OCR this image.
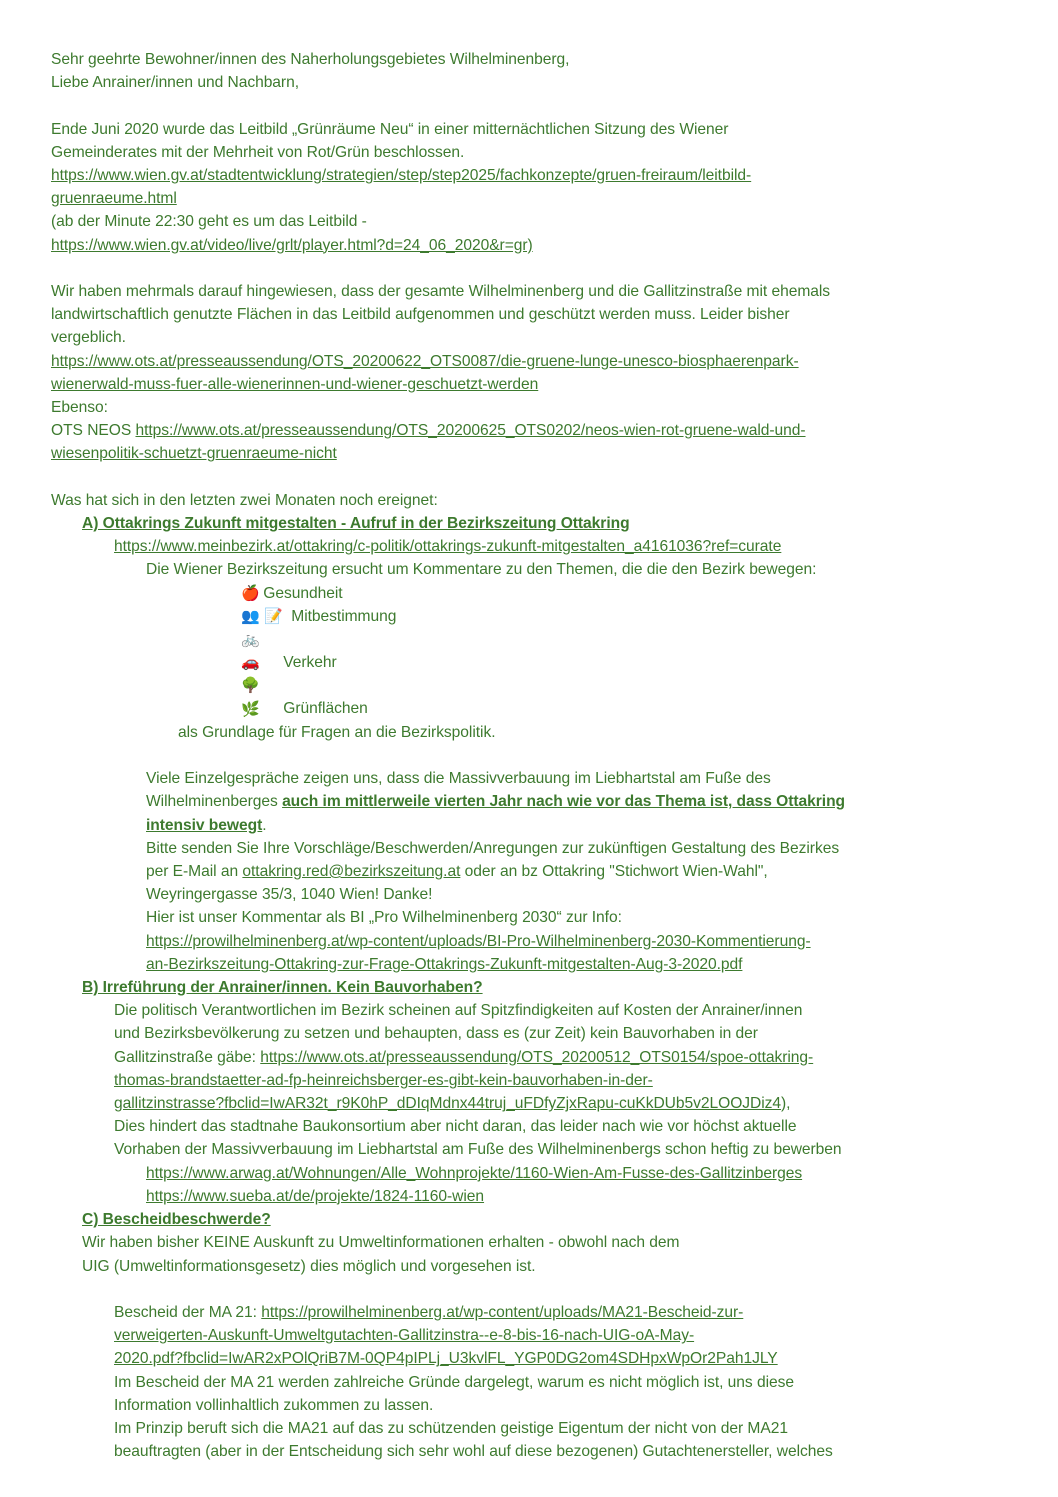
Sehr geehrte Bewohner/innen des Naherholungsgebietes Wilhelminenberg,

Liebe Anrainer/innen und Nachbarn,

Ende Juni 2020 wurde das Leitbild „Grünräume Neu“ in einer mitternächtlichen Sitzung des Wiener

Gemeinderates mit der Mehrheit von Rot/Grün beschlossen.

https://www.wien.gv.at/stadtentwicklung/strategien/step/step2025/fachkonzepte/gruen-freiraum/leitbild-

gruenraeume.html

(ab der Minute 22:30 geht es um das Leitbild -

https://www.wien.gv.at/video/live/grlt/player.html?d=24_06_2020&r=gr)

Wir haben mehrmals darauf hingewiesen, dass der gesamte Wilhelminenberg und die Gallitzinstraße mit ehemals

landwirtschaftlich genutzte Flächen in das Leitbild aufgenommen und geschützt werden muss. Leider bisher

vergeblich.

https://www.ots.at/presseaussendung/OTS_20200622_OTS0087/die-gruene-lunge-unesco-biosphaerenpark-

wienerwald-muss-fuer-alle-wienerinnen-und-wiener-geschuetzt-werden

Ebenso:

OTS NEOS https://www.ots.at/presseaussendung/OTS_20200625_OTS0202/neos-wien-rot-gruene-wald-und-

wiesenpolitik-schuetzt-gruenraeume-nicht

Was hat sich in den letzten zwei Monaten noch ereignet:

A) Ottakrings Zukunft mitgestalten - Aufruf in der Bezirkszeitung Ottakring

https://www.meinbezirk.at/ottakring/c-politik/ottakrings-zukunft-mitgestalten_a4161036?ref=curate

Die Wiener Bezirkszeitung ersucht um Kommentare zu den Themen, die die den Bezirk bewegen:

🍎 Gesundheit

👥 📝 Mitbestimmung

🚲 🚗 Verkehr

🌳 🌿 Grünflächen

als Grundlage für Fragen an die Bezirkspolitik.

Viele Einzelgespräche zeigen uns, dass die Massivverbauung im Liebhartstal am Fuße des

Wilhelminenberges auch im mittlerweile vierten Jahr nach wie vor das Thema ist, dass Ottakring

intensiv bewegt.

Bitte senden Sie Ihre Vorschläge/Beschwerden/Anregungen zur zukünftigen Gestaltung des Bezirkes

per E-Mail an ottakring.red@bezirkszeitung.at oder an bz Ottakring "Stichwort Wien-Wahl",

Weyringergasse 35/3, 1040 Wien! Danke!

Hier ist unser Kommentar als BI „Pro Wilhelminenberg 2030“ zur Info:

https://prowilhelminenberg.at/wp-content/uploads/BI-Pro-Wilhelminenberg-2030-Kommentierung-

an-Bezirkszeitung-Ottakring-zur-Frage-Ottakrings-Zukunft-mitgestalten-Aug-3-2020.pdf

B) Irreführung der Anrainer/innen. Kein Bauvorhaben?

Die politisch Verantwortlichen im Bezirk scheinen auf Spitzfindigkeiten auf Kosten der Anrainer/innen

und Bezirksbevölkerung zu setzen und behaupten, dass es (zur Zeit) kein Bauvorhaben in der

Gallitzinstraße gäbe: https://www.ots.at/presseaussendung/OTS_20200512_OTS0154/spoe-ottakring-

thomas-brandstaetter-ad-fp-heinreichsberger-es-gibt-kein-bauvorhaben-in-der-

gallitzinstrasse?fbclid=IwAR32t_r9K0hP_dDIqMdnx44truj_uFDfyZjxRapu-cuKkDUb5v2LOOJDiz4),

Dies hindert das stadtnahe Baukonsortium aber nicht daran, das leider nach wie vor höchst aktuelle

Vorhaben der Massivverbauung im Liebhartstal am Fuße des Wilhelminenbergs schon heftig zu bewerben

https://www.arwag.at/Wohnungen/Alle_Wohnprojekte/1160-Wien-Am-Fusse-des-Gallitzinberges

https://www.sueba.at/de/projekte/1824-1160-wien

C) Bescheidbeschwerde?

Wir haben bisher KEINE Auskunft zu Umweltinformationen erhalten - obwohl nach dem

UIG (Umweltinformationsgesetz) dies möglich und vorgesehen ist.

Bescheid der MA 21: https://prowilhelminenberg.at/wp-content/uploads/MA21-Bescheid-zur-

verweigerten-Auskunft-Umweltgutachten-Gallitzinstra--e-8-bis-16-nach-UIG-oA-May-

2020.pdf?fbclid=IwAR2xPOlQriB7M-0QP4pIPLj_U3kvlFL_YGP0DG2om4SDHpxWpOr2Pah1JLY

Im Bescheid der MA 21 werden zahlreiche Gründe dargelegt, warum es nicht möglich ist, uns diese

Information vollinhaltlich zukommen zu lassen.

Im Prinzip beruft sich die MA21 auf das zu schützenden geistige Eigentum der nicht von der MA21

beauftragten (aber in der Entscheidung sich sehr wohl auf diese bezogenen) Gutachtenersteller, welches
